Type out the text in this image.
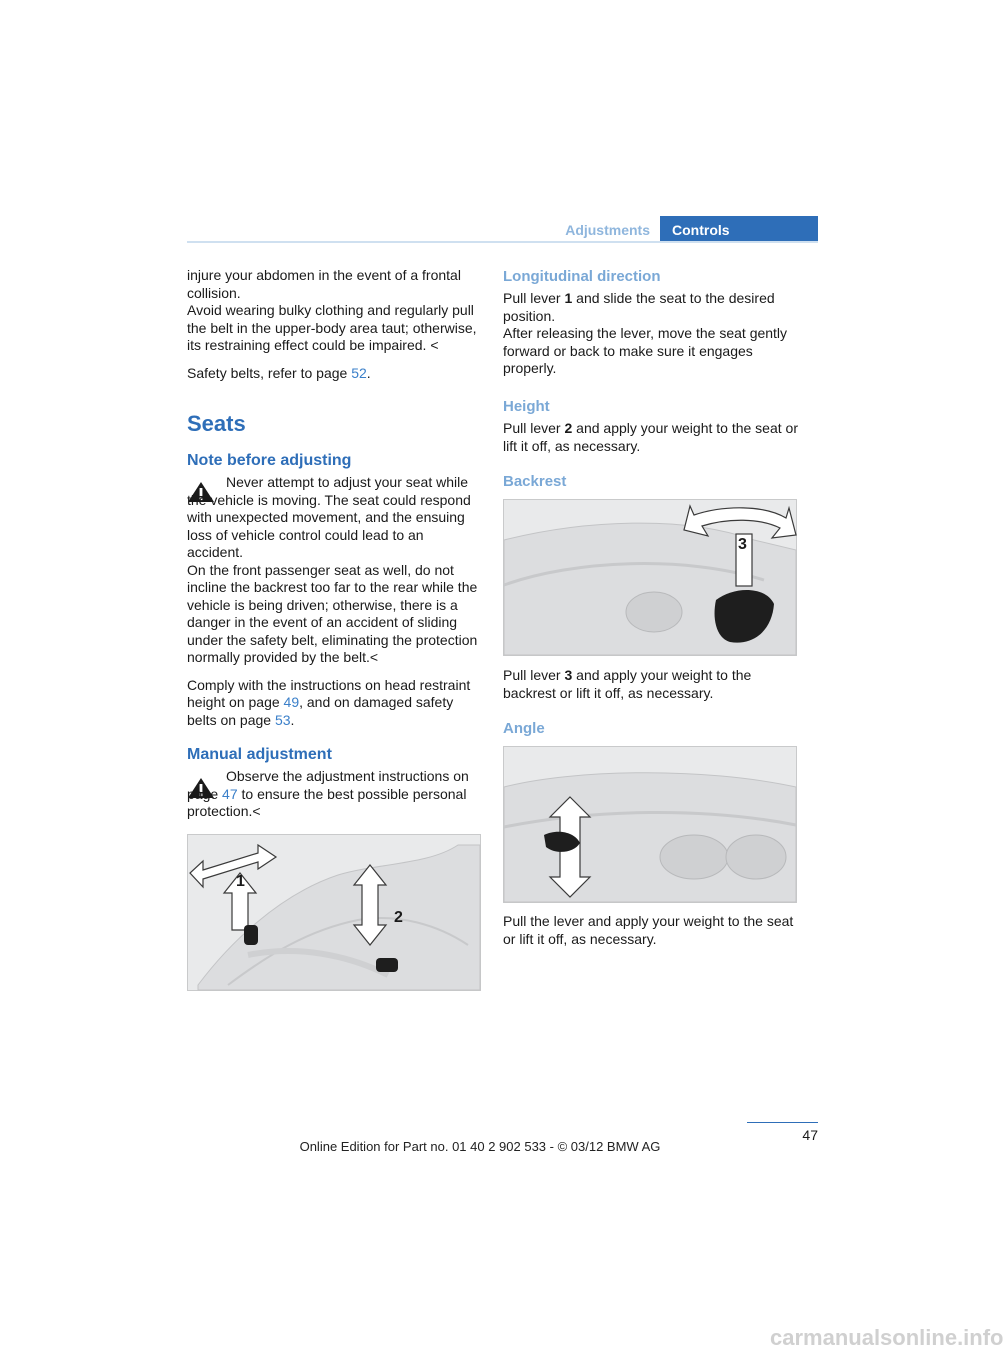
Adjustments	Controls

injure your abdomen in the event of a frontal collision.

Avoid wearing bulky clothing and regularly pull the belt in the upper-body area taut; otherwise, its restraining effect could be impaired. <

Safety belts, refer to page 52.

Seats
Note before adjusting

Never attempt to adjust your seat while the vehicle is moving. The seat could respond with unexpected movement, and the ensuing loss of vehicle control could lead to an accident.

On the front passenger seat as well, do not incline the backrest too far to the rear while the vehicle is being driven; otherwise, there is a danger in the event of an accident of sliding under the safety belt, eliminating the protection normally provided by the belt.<

Comply with the instructions on head restraint height on page 49, and on damaged safety belts on page 53.

Manual adjustment

Observe the adjustment instructions on page 47 to ensure the best possible personal protection.<

1
2
Longitudinal direction

Pull lever 1 and slide the seat to the desired position.

After releasing the lever, move the seat gently forward or back to make sure it engages properly.

Height

Pull lever 2 and apply your weight to the seat or lift it off, as necessary.

Backrest
3

Pull lever 3 and apply your weight to the backrest or lift it off, as necessary.

Angle

Pull the lever and apply your weight to the seat or lift it off, as necessary.

47
Online Edition for Part no. 01 40 2 902 533 - © 03/12 BMW AG
carmanualsonline.info
